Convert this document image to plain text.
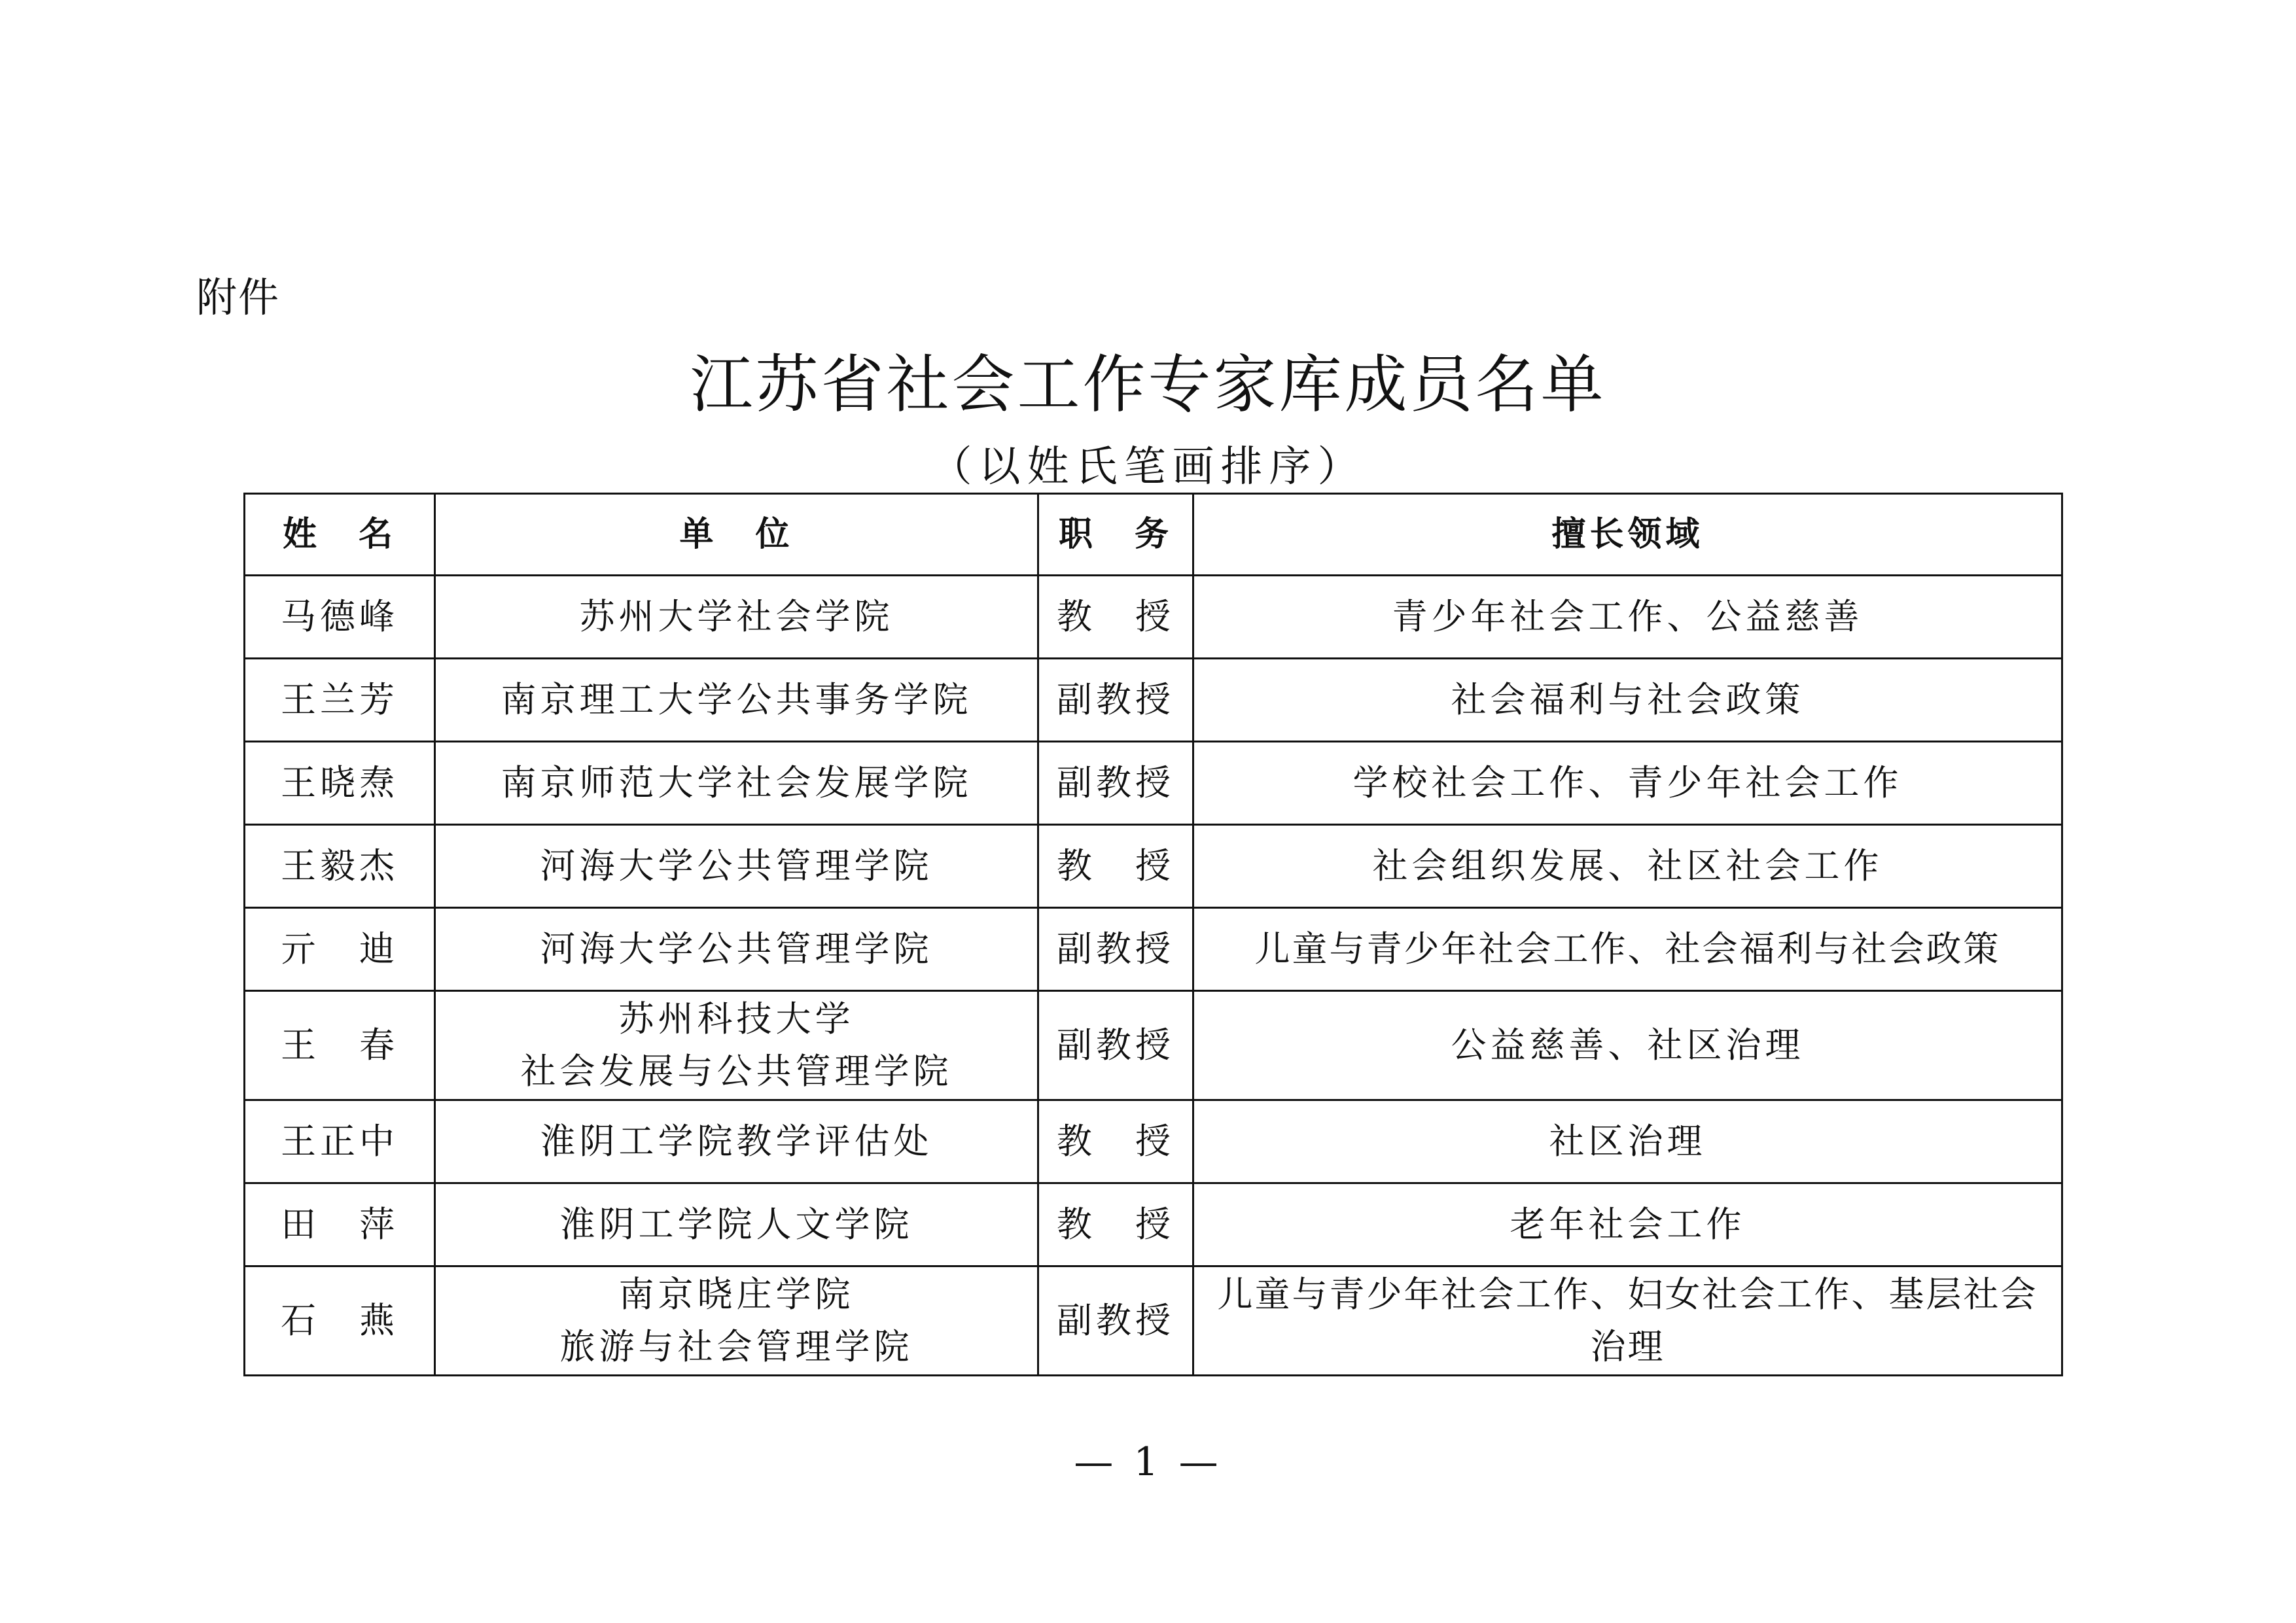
附件
江苏省社会工作专家库成员名单
（以姓氏笔画排序）
姓　名	单　位	职　务	擅长领域
马德峰	苏州大学社会学院	教　授	青少年社会工作、公益慈善

王兰芳	南京理工大学公共事务学院	副教授	社会福利与社会政策

王晓焘	南京师范大学社会发展学院	副教授	学校社会工作、青少年社会工作

王毅杰	河海大学公共管理学院	教　授	社会组织发展、社区社会工作

亓　迪	河海大学公共管理学院	副教授	儿童与青少年社会工作、社会福利与社会政策

王　春	苏州科技大学
社会发展与公共管理学院	副教授	公益慈善、社区治理

王正中	淮阴工学院教学评估处	教　授	社区治理

田　萍	淮阴工学院人文学院	教　授	老年社会工作

石　燕	南京晓庄学院
旅游与社会管理学院	副教授	儿童与青少年社会工作、妇女社会工作、基层社会
治理
— 1 —
